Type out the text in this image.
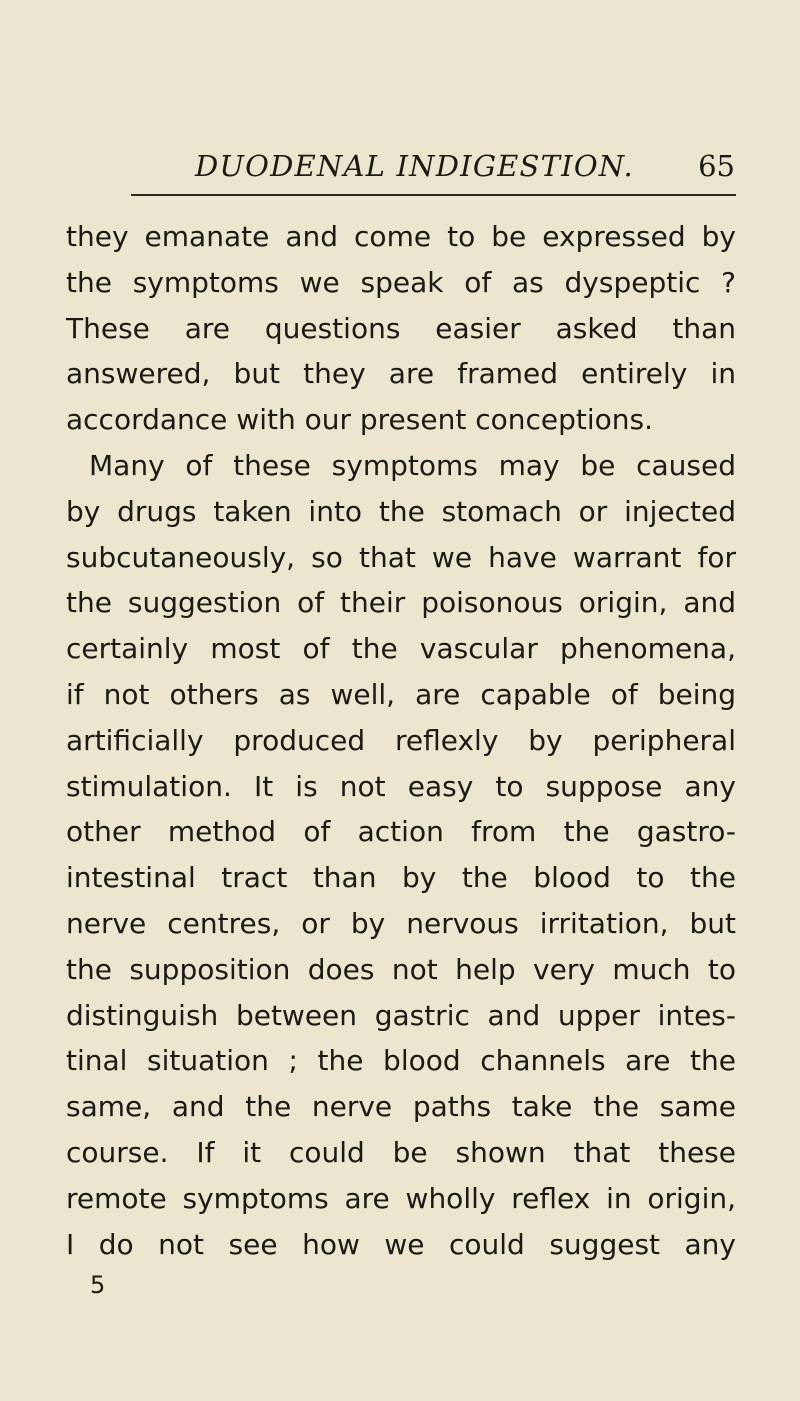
DUODENAL INDIGESTION. 65
they emanate and come to be expressed by
the symptoms we speak of as dyspeptic ?
These are questions easier asked than
answered, but they are framed entirely in
accordance with our present conceptions.
Many of these symptoms may be caused
by drugs taken into the stomach or injected
subcutaneously, so that we have warrant for
the suggestion of their poisonous origin, and
certainly most of the vascular phenomena,
if not others as well, are capable of being
artificially produced reflexly by peripheral
stimulation. It is not easy to suppose any
other method of action from the gastro-
intestinal tract than by the blood to the
nerve centres, or by nervous irritation, but
the supposition does not help very much to
distinguish between gastric and upper intes-
tinal situation ; the blood channels are the
same, and the nerve paths take the same
course. If it could be shown that these
remote symptoms are wholly reflex in origin,
I do not see how we could suggest any
5
